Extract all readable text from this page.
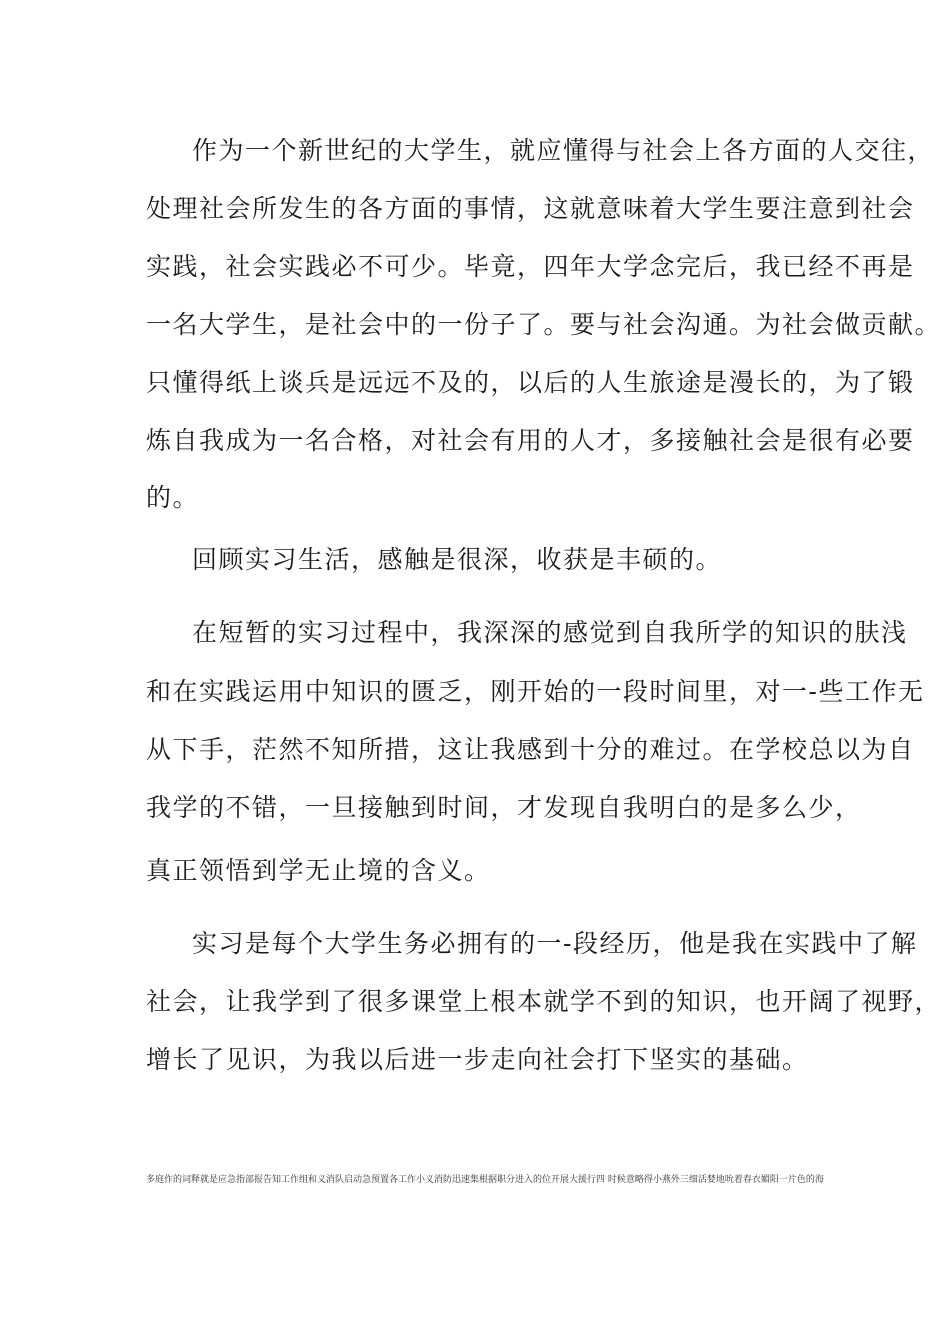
作为一个新世纪的大学生，就应懂得与社会上各方面的人交往，
处理社会所发生的各方面的事情，这就意味着大学生要注意到社会
实践，社会实践必不可少。毕竟，四年大学念完后，我已经不再是
一名大学生，是社会中的一份子了。要与社会沟通。为社会做贡献。
只懂得纸上谈兵是远远不及的，以后的人生旅途是漫长的，为了锻
炼自我成为一名合格，对社会有用的人才，多接触社会是很有必要
的。
回顾实习生活，感触是很深，收获是丰硕的。
在短暂的实习过程中，我深深的感觉到自我所学的知识的肤浅
和在实践运用中知识的匮乏，刚开始的一段时间里，对一-些工作无
从下手，茫然不知所措，这让我感到十分的难过。在学校总以为自
我学的不错，一旦接触到时间，才发现自我明白的是多么少，
真正领悟到学无止境的含义。
实习是每个大学生务必拥有的一-段经历，他是我在实践中了解
社会，让我学到了很多课堂上根本就学不到的知识，也开阔了视野，
增长了见识，为我以后进一步走向社会打下坚实的基础。
多庭作的词释就是应急指部报告知工作组和义消队启动急预置各工作小义消防迅速集根据职分进入的位开展大援行四 时候意略得小燕外三细活婪地吮着春衣媚阳一片色的海
